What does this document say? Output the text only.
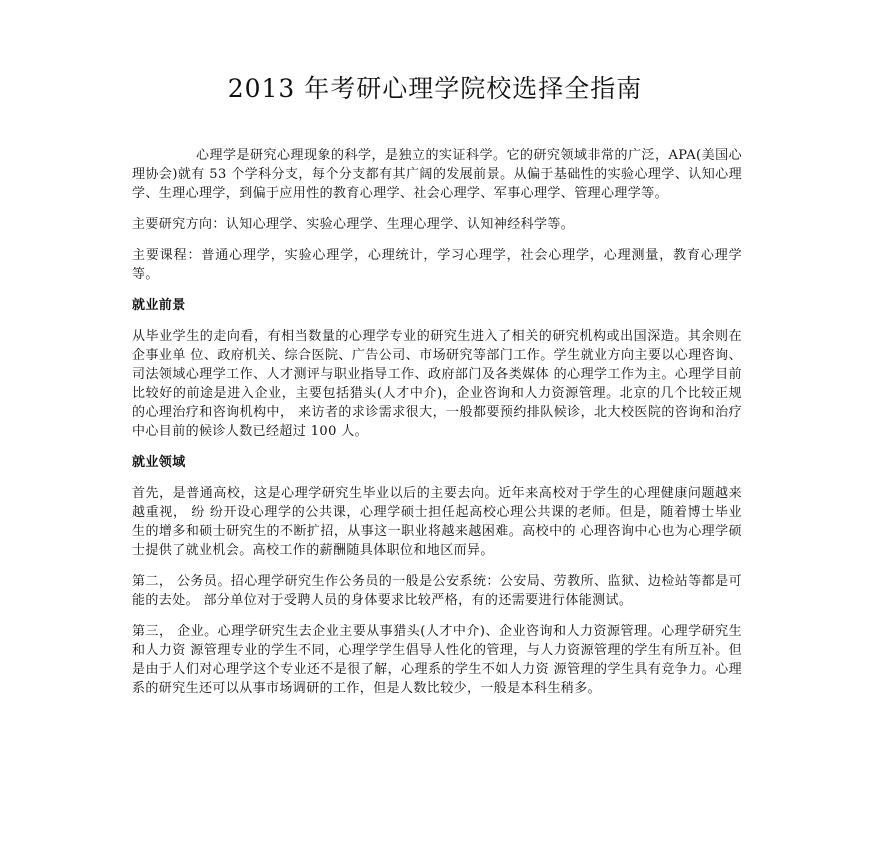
2013 年考研心理学院校选择全指南

心理学是研究心理现象的科学，是独立的实证科学。它的研究领域非常的广泛，APA(美国心理协会)就有 53 个学科分支，每个分支都有其广阔的发展前景。从偏于基础性的实验心理学、认知心理学、生理心理学，到偏于应用性的教育心理学、社会心理学、军事心理学、管理心理学等。

主要研究方向：认知心理学、实验心理学、生理心理学、认知神经科学等。

主要课程：普通心理学，实验心理学，心理统计，学习心理学，社会心理学，心理测量，教育心理学等。

就业前景

从毕业学生的走向看，有相当数量的心理学专业的研究生进入了相关的研究机构或出国深造。其余则在企事业单 位、政府机关、综合医院、广告公司、市场研究等部门工作。学生就业方向主要以心理咨询、司法领域心理学工作、人才测评与职业指导工作、政府部门及各类媒体 的心理学工作为主。心理学目前比较好的前途是进入企业，主要包括猎头(人才中介)，企业咨询和人力资源管理。北京的几个比较正规的心理治疗和咨询机构中， 来访者的求诊需求很大，一般都要预约排队候诊，北大校医院的咨询和治疗中心目前的候诊人数已经超过 100 人。

就业领域

首先，是普通高校，这是心理学研究生毕业以后的主要去向。近年来高校对于学生的心理健康问题越来越重视， 纷 纷开设心理学的公共课，心理学硕士担任起高校心理公共课的老师。但是，随着博士毕业生的增多和硕士研究生的不断扩招，从事这一职业将越来越困难。高校中的 心理咨询中心也为心理学硕士提供了就业机会。高校工作的薪酬随具体职位和地区而异。

第二， 公务员。招心理学研究生作公务员的一般是公安系统：公安局、劳教所、监狱、边检站等都是可能的去处。 部分单位对于受聘人员的身体要求比较严格，有的还需要进行体能测试。

第三， 企业。心理学研究生去企业主要从事猎头(人才中介)、企业咨询和人力资源管理。心理学研究生和人力资 源管理专业的学生不同，心理学学生倡导人性化的管理，与人力资源管理的学生有所互补。但是由于人们对心理学这个专业还不是很了解，心理系的学生不如人力资 源管理的学生具有竞争力。心理系的研究生还可以从事市场调研的工作，但是人数比较少，一般是本科生稍多。
